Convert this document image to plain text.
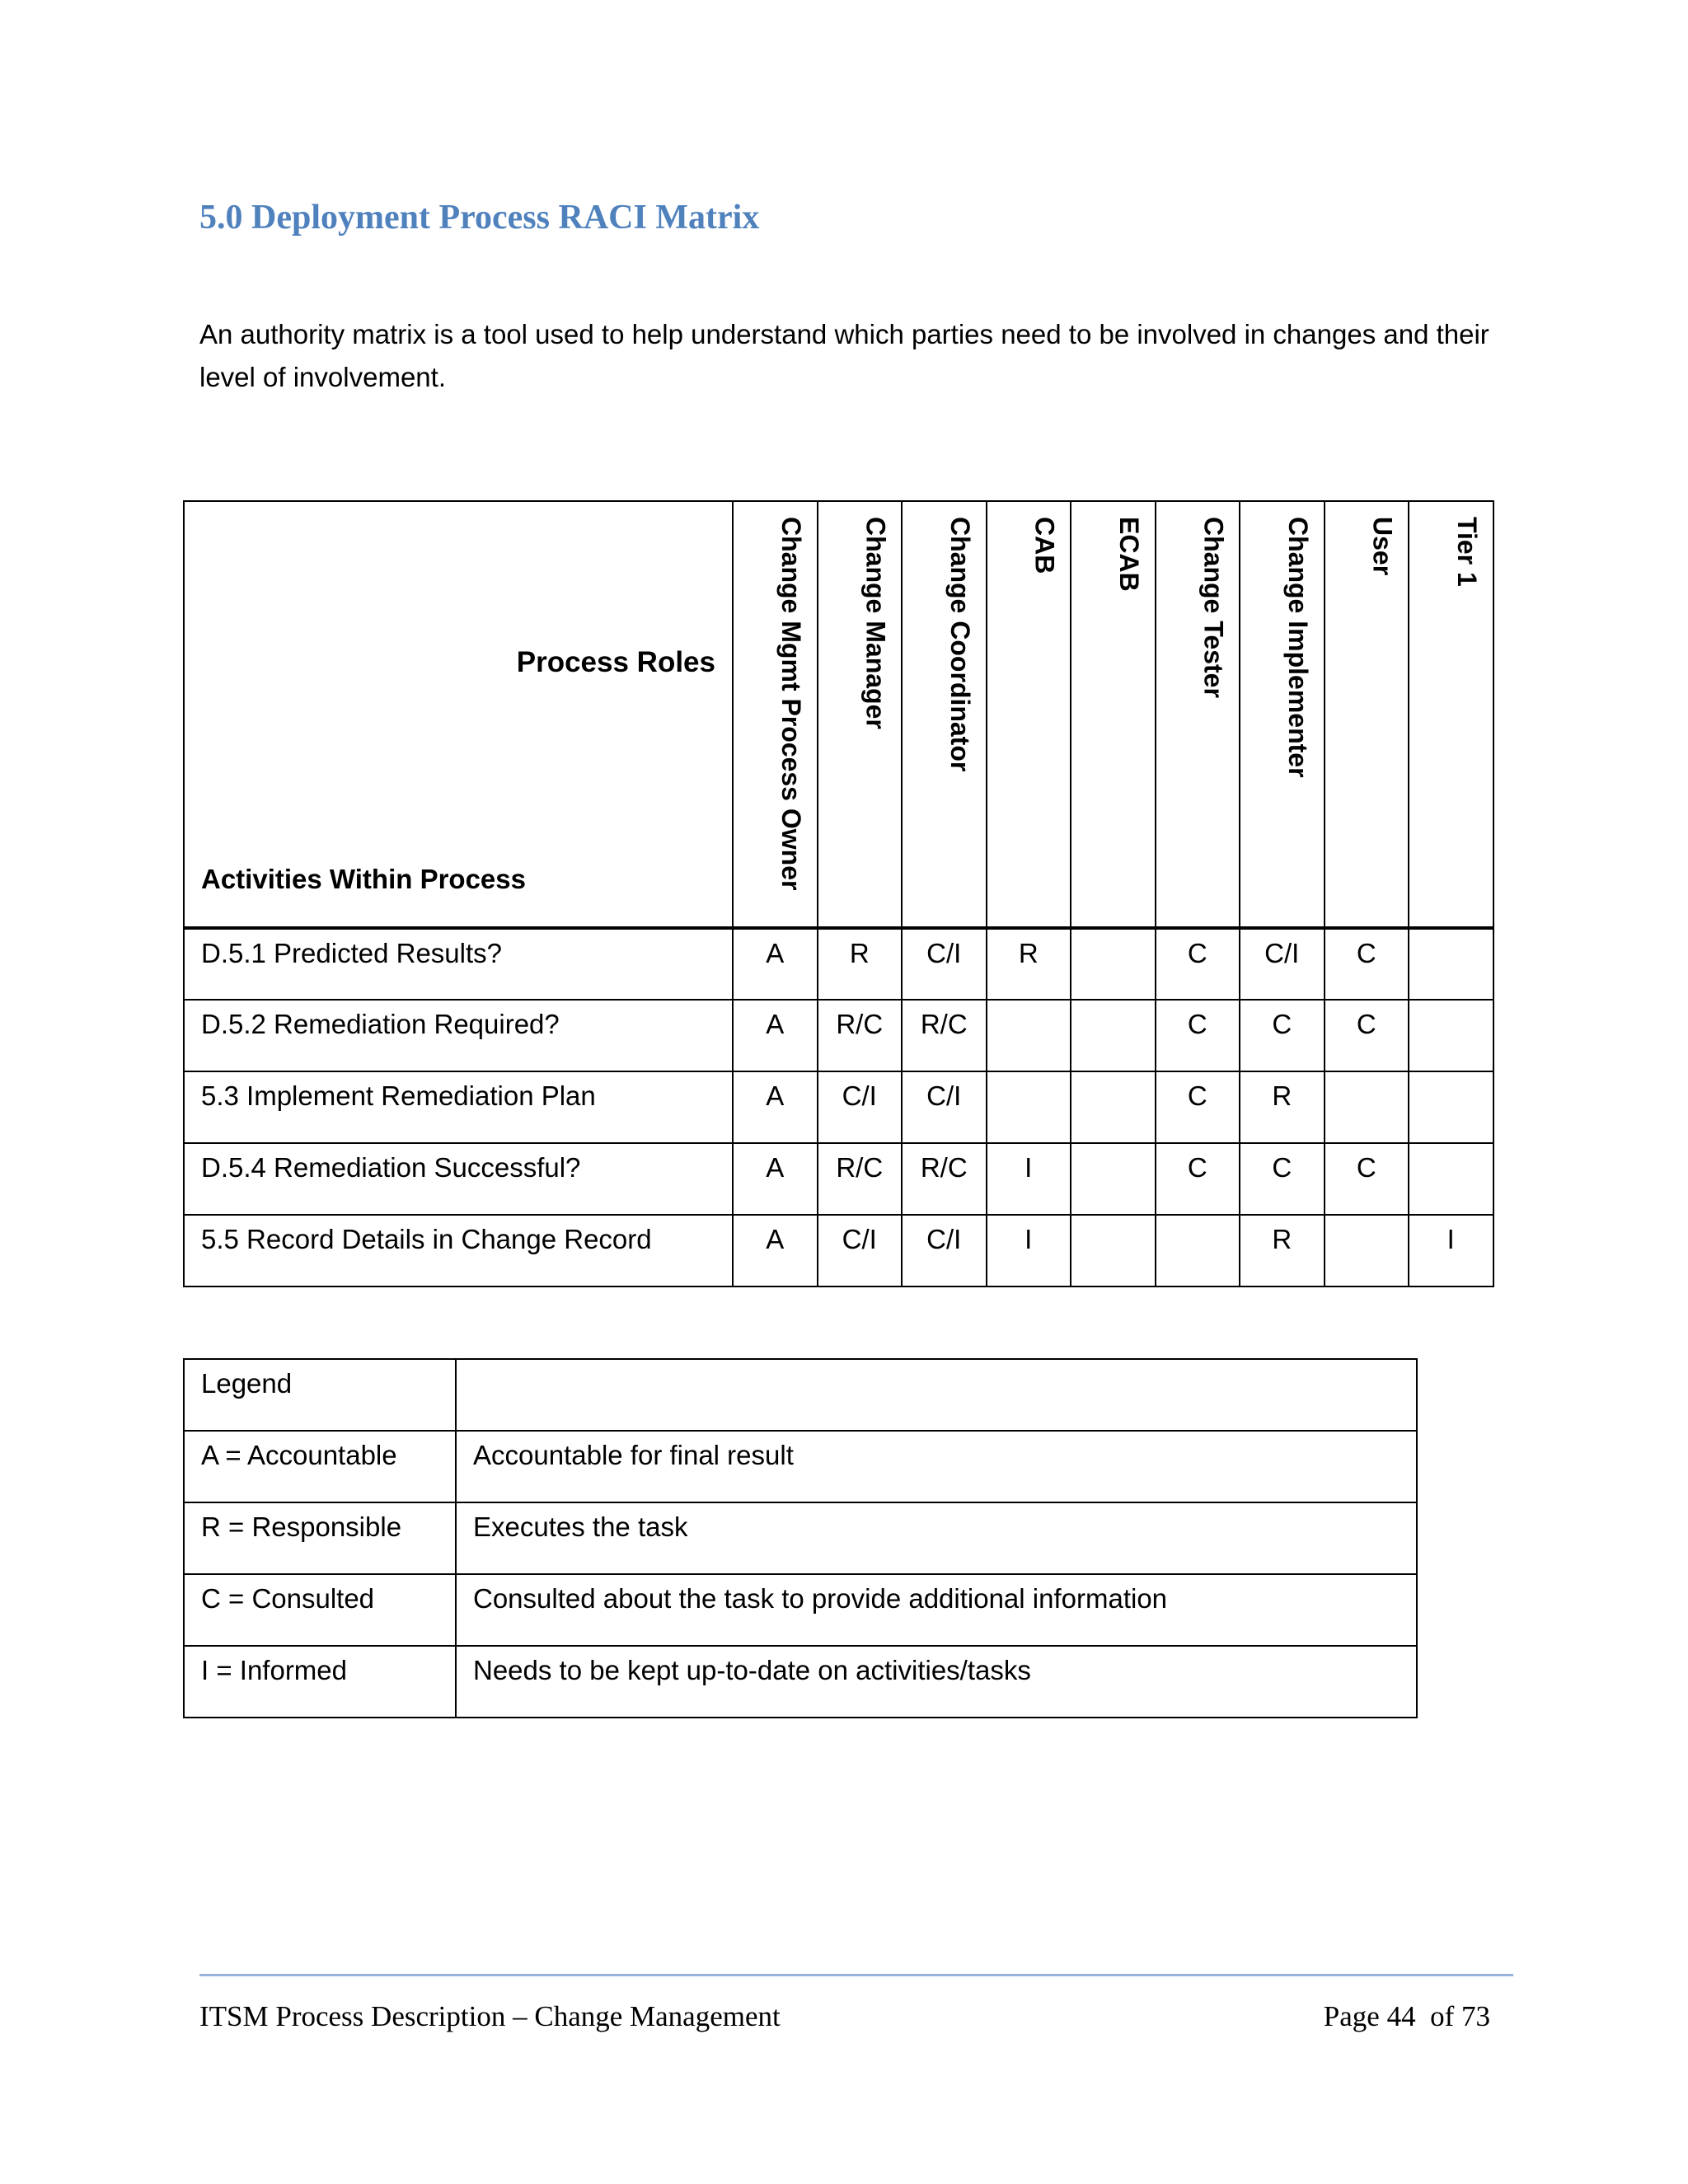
5.0 Deployment Process RACI Matrix
An authority matrix is a tool used to help understand which parties need to be involved in changes and their level of involvement.
Process Roles
Activities Within Process	Change Mgmt Process Owner	Change Manager	Change Coordinator	CAB	ECAB	Change Tester	Change Implementer	User	Tier 1
D.5.1 Predicted Results?	A	R	C/I	R		C	C/I	C	
D.5.2 Remediation Required?	A	R/C	R/C			C	C	C	
5.3 Implement Remediation Plan	A	C/I	C/I			C	R		
D.5.4 Remediation Successful?	A	R/C	R/C	I		C	C	C	
5.5 Record Details in Change Record	A	C/I	C/I	I			R		I
Legend	
A = Accountable	Accountable for final result
R = Responsible	Executes the task
C = Consulted	Consulted about the task to provide additional information
I = Informed	Needs to be kept up-to-date on activities/tasks
ITSM Process Description – Change Management	Page 44  of 73
